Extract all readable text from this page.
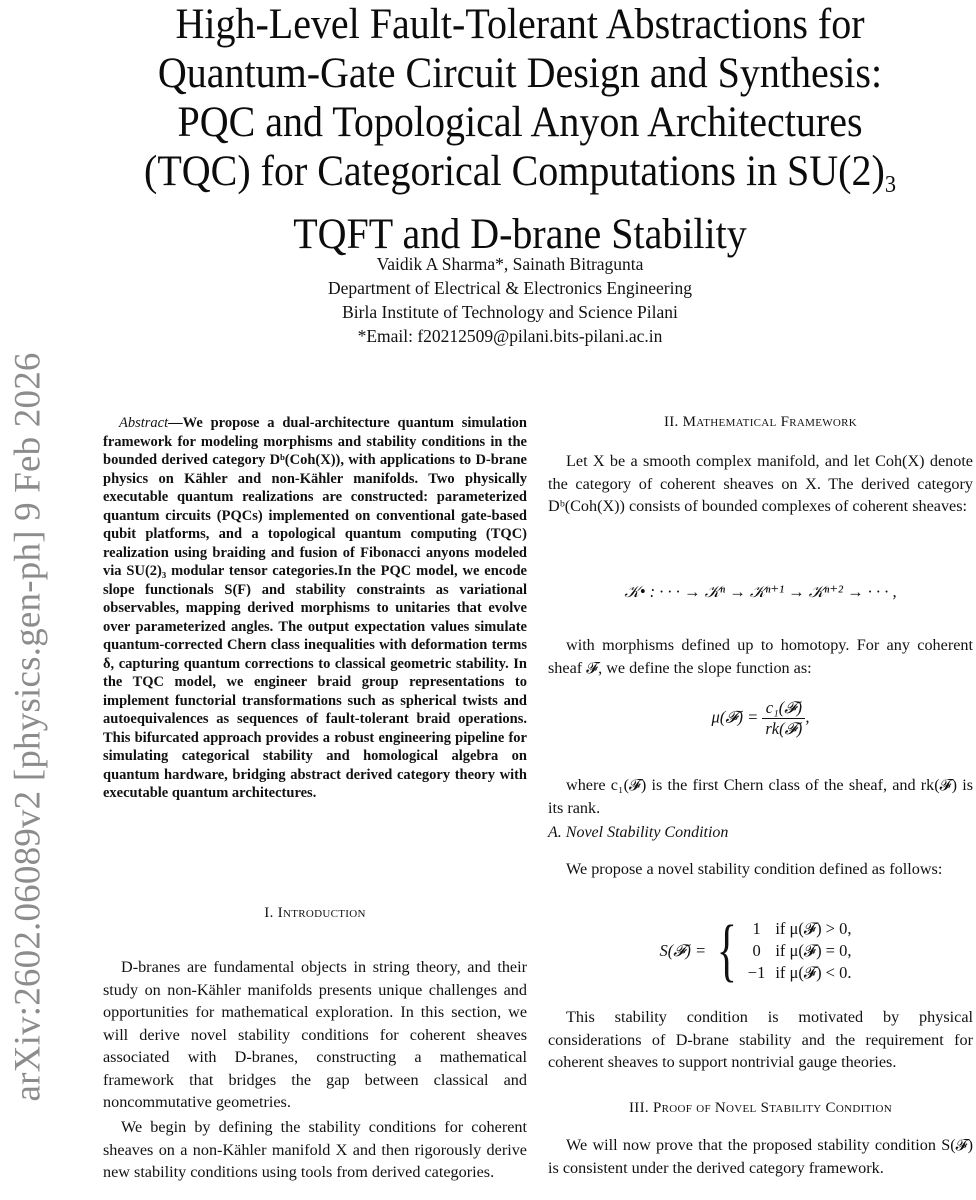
arXiv:2602.06089v2 [physics.gen-ph] 9 Feb 2026
High-Level Fault-Tolerant Abstractions for
Quantum-Gate Circuit Design and Synthesis:
PQC and Topological Anyon Architectures
(TQC) for Categorical Computations in $SU(2)_3$
TQFT and D-brane Stability
Vaidik A Sharma*, Sainath Bitragunta
Department of Electrical & Electronics Engineering
Birla Institute of Technology and Science Pilani
*Email: f20212509@pilani.bits-pilani.ac.in
Abstract—We propose a dual-architecture quantum simulation framework for modeling morphisms and stability conditions in the bounded derived category Dᵇ(Coh(X)), with applications to D-brane physics on Kähler and non-Kähler manifolds. Two physically executable quantum realizations are constructed: parameterized quantum circuits (PQCs) implemented on conventional gate-based qubit platforms, and a topological quantum computing (TQC) realization using braiding and fusion of Fibonacci anyons modeled via SU(2)₃ modular tensor categories.In the PQC model, we encode slope functionals S(F) and stability constraints as variational observables, mapping derived morphisms to unitaries that evolve over parameterized angles. The output expectation values simulate quantum-corrected Chern class inequalities with deformation terms δ, capturing quantum corrections to classical geometric stability. In the TQC model, we engineer braid group representations to implement functorial transformations such as spherical twists and autoequivalences as sequences of fault-tolerant braid operations. This bifurcated approach provides a robust engineering pipeline for simulating categorical stability and homological algebra on quantum hardware, bridging abstract derived category theory with executable quantum architectures.
I. Introduction
D-branes are fundamental objects in string theory, and their study on non-Kähler manifolds presents unique challenges and opportunities for mathematical exploration. In this section, we will derive novel stability conditions for coherent sheaves associated with D-branes, constructing a mathematical framework that bridges the gap between classical and noncommutative geometries.
We begin by defining the stability conditions for coherent sheaves on a non-Kähler manifold X and then rigorously derive new stability conditions using tools from derived categories.
II. Mathematical Framework
Let X be a smooth complex manifold, and let Coh(X) denote the category of coherent sheaves on X. The derived category Dᵇ(Coh(X)) consists of bounded complexes of coherent sheaves:
𝒦• : · · · → 𝒦ⁿ → 𝒦ⁿ⁺¹ → 𝒦ⁿ⁺² → · · · ,
with morphisms defined up to homotopy. For any coherent sheaf 𝓕, we define the slope function as:
μ(𝓕) = $\frac{\text{c₁(𝓕)}}{\text{rk(𝓕)}}$ ,
where c₁(𝓕) is the first Chern class of the sheaf, and rk(𝓕) is its rank.
A. Novel Stability Condition
We propose a novel stability condition defined as follows:
S(𝓕) = { 1	if μ(𝓕) > 0,
0	if μ(𝓕) = 0,
−1	if μ(𝓕) < 0.
This stability condition is motivated by physical considerations of D-brane stability and the requirement for coherent sheaves to support nontrivial gauge theories.
III. Proof of Novel Stability Condition
We will now prove that the proposed stability condition S(𝓕) is consistent under the derived category framework.
